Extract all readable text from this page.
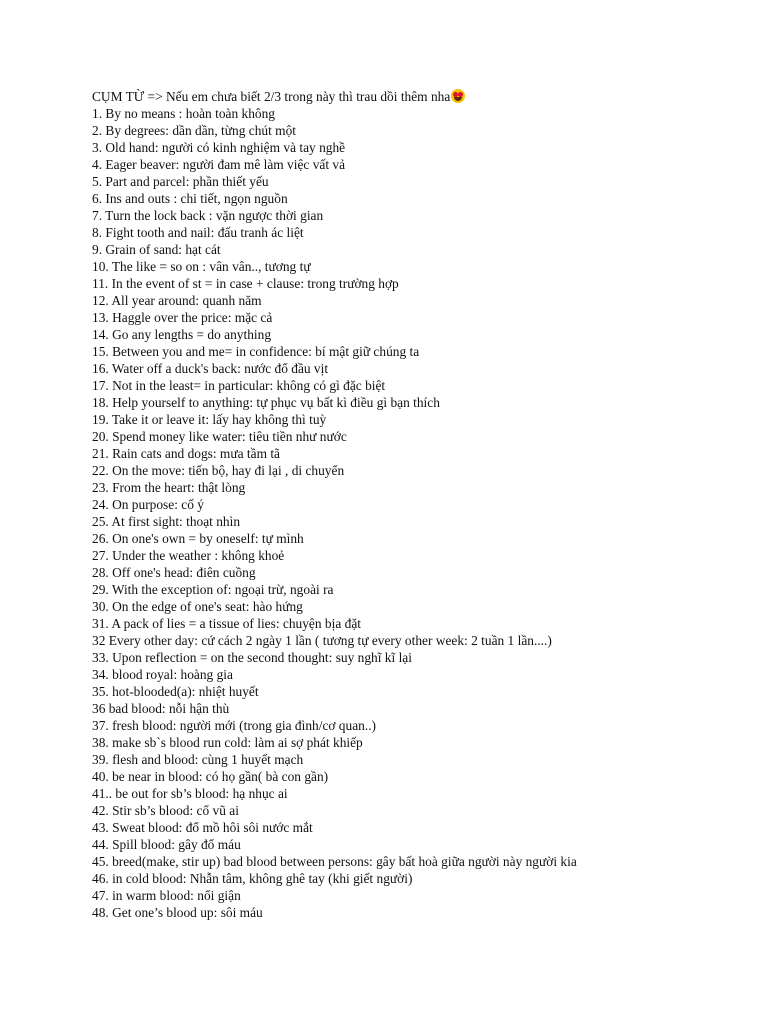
CỤM TỪ => Nếu em chưa biết 2/3 trong này thì trau dồi thêm nha
1. By no means : hoàn toàn không
2. By degrees: dần dần, từng chút một
3. Old hand: người có kinh nghiệm và tay nghề
4. Eager beaver: người đam mê làm việc vất vả
5. Part and parcel: phần thiết yếu
6. Ins and outs : chi tiết, ngọn nguồn
7. Turn the lock back : vặn ngược thời gian
8. Fight tooth and nail: đấu tranh ác liệt
9. Grain of sand: hạt cát
10. The like = so on : vân vân.., tương tự
11. In the event of st = in case + clause: trong trường hợp
12. All year around: quanh năm
13. Haggle over the price: mặc cả
14. Go any lengths = do anything
15. Between you and me= in confidence: bí mật giữ chúng ta
16. Water off a duck's back: nước đổ đầu vịt
17. Not in the least= in particular: không có gì đặc biệt
18. Help yourself to anything: tự phục vụ bất kì điều gì bạn thích
19. Take it or leave it: lấy hay không thì tuỳ
20. Spend money like water: tiêu tiền như nước
21. Rain cats and dogs: mưa tầm tã
22. On the move: tiến bộ, hay đi lại , di chuyển
23. From the heart: thật lòng
24. On purpose: cố ý
25. At first sight: thoạt nhìn
26. On one's own = by oneself: tự mình
27. Under the weather : không khoẻ
28. Off one's head: điên cuồng
29. With the exception of: ngoại trừ, ngoài ra
30. On the edge of one's seat: hào hứng
31. A pack of lies = a tissue of lies: chuyện bịa đặt
32 Every other day: cứ cách 2 ngày 1 lần ( tương tự every other week: 2 tuần 1 lần....)
33. Upon reflection = on the second thought: suy nghĩ kĩ lại
34. blood royal: hoàng gia
35. hot-blooded(a): nhiệt huyết
36 bad blood: nỗi hận thù
37. fresh blood: người mới (trong gia đình/cơ quan..)
38. make sb`s blood run cold: làm ai sợ phát khiếp
39. flesh and blood: cùng 1 huyết mạch
40. be near in blood: có họ gần( bà con gần)
41.. be out for sb’s blood: hạ nhục ai
42. Stir sb’s blood: cổ vũ ai
43. Sweat blood: đổ mồ hôi sôi nước mắt
44. Spill blood: gây đổ máu
45. breed(make, stir up) bad blood between persons: gây bất hoà giữa người này người kia
46. in cold blood: Nhẫn tâm, không ghê tay (khi giết người)
47. in warm blood: nổi giận
48. Get one’s blood up: sôi máu
